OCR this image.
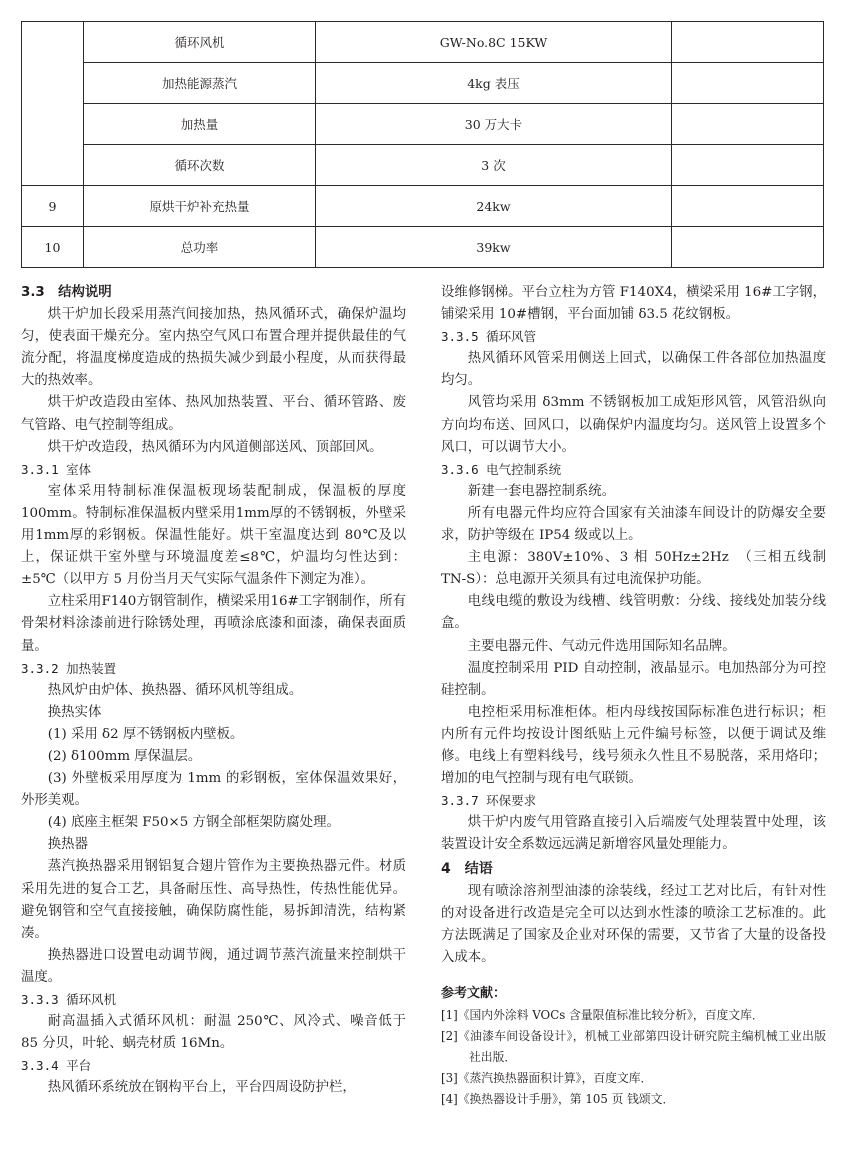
	循环风机	GW-No.8C 15KW	
	加热能源蒸汽	4kg 表压	
	加热量	30 万大卡	
	循环次数	3 次	
9	原烘干炉补充热量	24kw	
10	总功率	39kw	
3.3　结构说明

烘干炉加长段采用蒸汽间接加热，热风循环式，确保炉温均匀，使表面干燥充分。室内热空气风口布置合理并提供最佳的气流分配，将温度梯度造成的热损失减少到最小程度，从而获得最大的热效率。

烘干炉改造段由室体、热风加热装置、平台、循环管路、废气管路、电气控制等组成。

烘干炉改造段，热风循环为内风道侧部送风、顶部回风。

3.3.1 室体

室体采用特制标准保温板现场装配制成，保温板的厚度100mm。特制标准保温板内壁采用1mm厚的不锈钢板，外壁采用1mm厚的彩钢板。保温性能好。烘干室温度达到 80℃及以上，保证烘干室外壁与环境温度差≤8℃，炉温均匀性达到：±5℃（以甲方 5 月份当月天气实际气温条件下测定为准）。

立柱采用F140方钢管制作，横梁采用16#工字钢制作，所有骨架材料涂漆前进行除锈处理，再喷涂底漆和面漆，确保表面质量。

3.3.2 加热装置

热风炉由炉体、换热器、循环风机等组成。

换热实体

(1) 采用 δ2 厚不锈钢板内壁板。

(2) δ100mm 厚保温层。

(3) 外壁板采用厚度为 1mm 的彩钢板，室体保温效果好，外形美观。

(4) 底座主框架 F50×5 方钢全部框架防腐处理。

换热器

蒸汽换热器采用钢铝复合翅片管作为主要换热器元件。材质采用先进的复合工艺，具备耐压性、高导热性，传热性能优异。避免钢管和空气直接接触，确保防腐性能，易拆卸清洗，结构紧凑。

换热器进口设置电动调节阀，通过调节蒸汽流量来控制烘干温度。

3.3.3 循环风机

耐高温插入式循环风机：耐温 250℃、风冷式、噪音低于 85 分贝，叶轮、蜗壳材质 16Mn。

3.3.4 平台

热风循环系统放在钢构平台上，平台四周设防护栏，

设维修钢梯。平台立柱为方管 F140X4，横梁采用 16#工字钢，铺梁采用 10#槽钢，平台面加铺 δ3.5 花纹钢板。

3.3.5 循环风管

热风循环风管采用侧送上回式，以确保工件各部位加热温度均匀。

风管均采用 δ3mm 不锈钢板加工成矩形风管，风管沿纵向方向均布送、回风口，以确保炉内温度均匀。送风管上设置多个风口，可以调节大小。

3.3.6 电气控制系统

新建一套电器控制系统。

所有电器元件均应符合国家有关油漆车间设计的防爆安全要求，防护等级在 IP54 级或以上。

主电源：380V±10%、3 相 50Hz±2Hz　（三相五线制TN-S）：总电源开关须具有过电流保护功能。

电线电缆的敷设为线槽、线管明敷：分线、接线处加装分线盒。

主要电器元件、气动元件选用国际知名品牌。

温度控制采用 PID 自动控制，液晶显示。电加热部分为可控硅控制。

电控柜采用标准柜体。柜内母线按国际标准色进行标识；柜内所有元件均按设计图纸贴上元件编号标签，以便于调试及维修。电线上有塑料线号，线号须永久性且不易脱落，采用烙印；增加的电气控制与现有电气联锁。

3.3.7 环保要求

烘干炉内废气用管路直接引入后端废气处理装置中处理，该装置设计安全系数远远满足新增容风量处理能力。

4　结语

现有喷涂溶剂型油漆的涂装线，经过工艺对比后，有针对性的对设备进行改造是完全可以达到水性漆的喷涂工艺标准的。此方法既满足了国家及企业对环保的需要，又节省了大量的设备投入成本。

参考文献：

[1]《国内外涂料 VOCs 含量限值标准比较分析》，百度文库．

[2]《油漆车间设备设计》，机械工业部第四设计研究院主编机械工业出版社出版．

[3]《蒸汽换热器面积计算》，百度文库．

[4]《换热器设计手册》，第 105 页 钱颂文．
